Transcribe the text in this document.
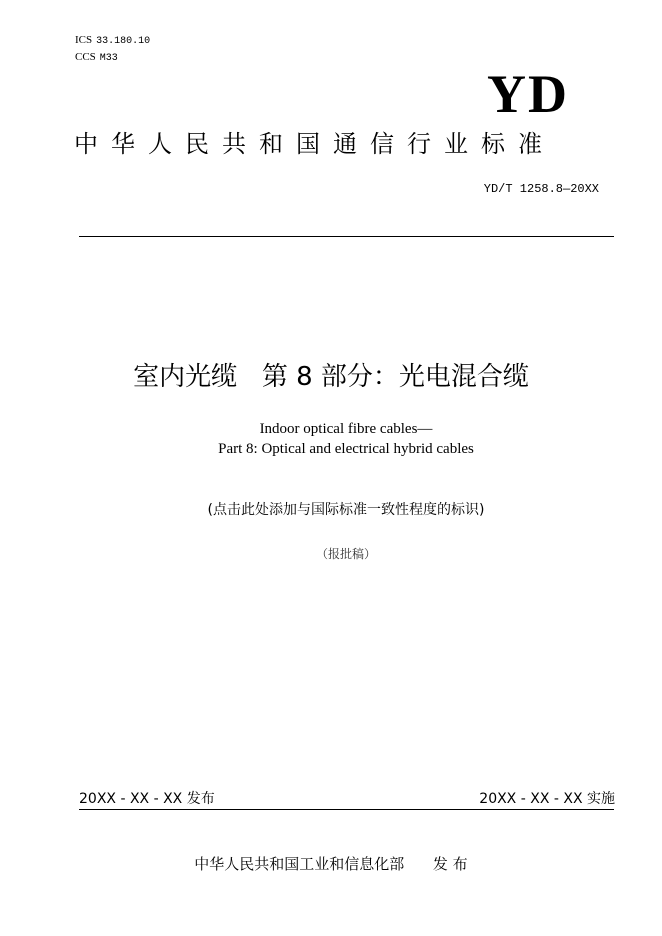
ICS 33.180.10
CCS M33
YD
中华人民共和国通信行业标准
YD/T 1258.8—20XX
室内光缆   第 8 部分：光电混合缆
Indoor optical fibre cables—
Part 8: Optical and electrical hybrid cables
(点击此处添加与国际标准一致性程度的标识)
（报批稿）
20XX - XX - XX 发布	20XX - XX - XX 实施
中华人民共和国工业和信息化部      发 布
